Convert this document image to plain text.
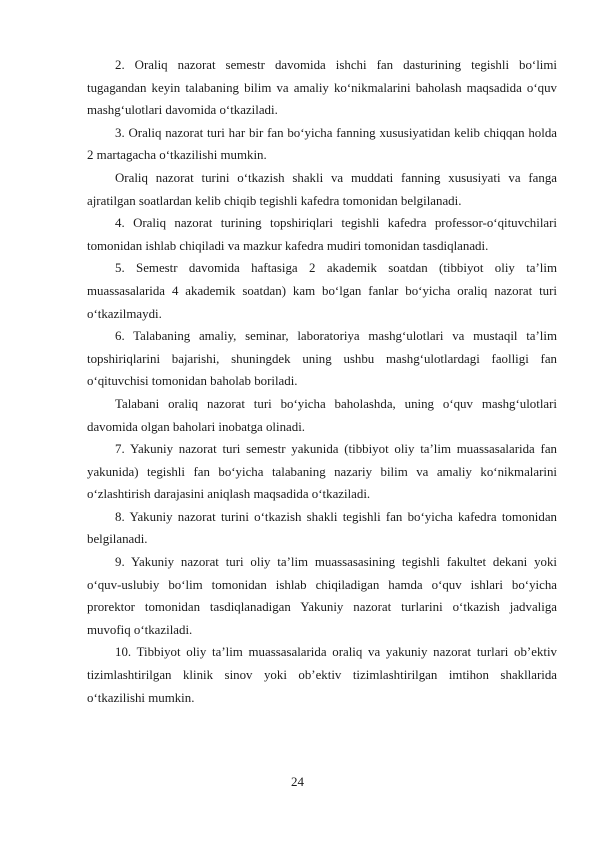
2. Oraliq nazorat semestr davomida ishchi fan dasturining tegishli bo‘limi tugagandan keyin talabaning bilim va amaliy ko‘nikmalarini baholash maqsadida o‘quv mashg‘ulotlari davomida o‘tkaziladi.

3. Oraliq nazorat turi har bir fan bo‘yicha fanning xususiyatidan kelib chiqqan holda 2 martagacha o‘tkazilishi mumkin.

Oraliq nazorat turini o‘tkazish shakli va muddati fanning xususiyati va fanga ajratilgan soatlardan kelib chiqib tegishli kafedra tomonidan belgilanadi.

4. Oraliq nazorat turining topshiriqlari tegishli kafedra professor-o‘qituvchilari tomonidan ishlab chiqiladi va mazkur kafedra mudiri tomonidan tasdiqlanadi.

5. Semestr davomida haftasiga 2 akademik soatdan (tibbiyot oliy ta’lim muassasalarida 4 akademik soatdan) kam bo‘lgan fanlar bo‘yicha oraliq nazorat turi o‘tkazilmaydi.

6. Talabaning amaliy, seminar, laboratoriya mashg‘ulotlari va mustaqil ta’lim topshiriqlarini bajarishi, shuningdek uning ushbu mashg‘ulotlardagi faolligi fan o‘qituvchisi tomonidan baholab boriladi.

Talabani oraliq nazorat turi bo‘yicha baholashda, uning o‘quv mashg‘ulotlari davomida olgan baholari inobatga olinadi.

7. Yakuniy nazorat turi semestr yakunida (tibbiyot oliy ta’lim muassasalarida fan yakunida) tegishli fan bo‘yicha talabaning nazariy bilim va amaliy ko‘nikmalarini o‘zlashtirish darajasini aniqlash maqsadida o‘tkaziladi.

8. Yakuniy nazorat turini o‘tkazish shakli tegishli fan bo‘yicha kafedra tomonidan belgilanadi.

9. Yakuniy nazorat turi oliy ta’lim muassasasining tegishli fakultet dekani yoki o‘quv-uslubiy bo‘lim tomonidan ishlab chiqiladigan hamda o‘quv ishlari bo‘yicha prorektor tomonidan tasdiqlanadigan Yakuniy nazorat turlarini o‘tkazish jadvaliga muvofiq o‘tkaziladi.

10. Tibbiyot oliy ta’lim muassasalarida oraliq va yakuniy nazorat turlari ob’ektiv tizimlashtirilgan klinik sinov yoki ob’ektiv tizimlashtirilgan imtihon shakllarida o‘tkazilishi mumkin.

24
